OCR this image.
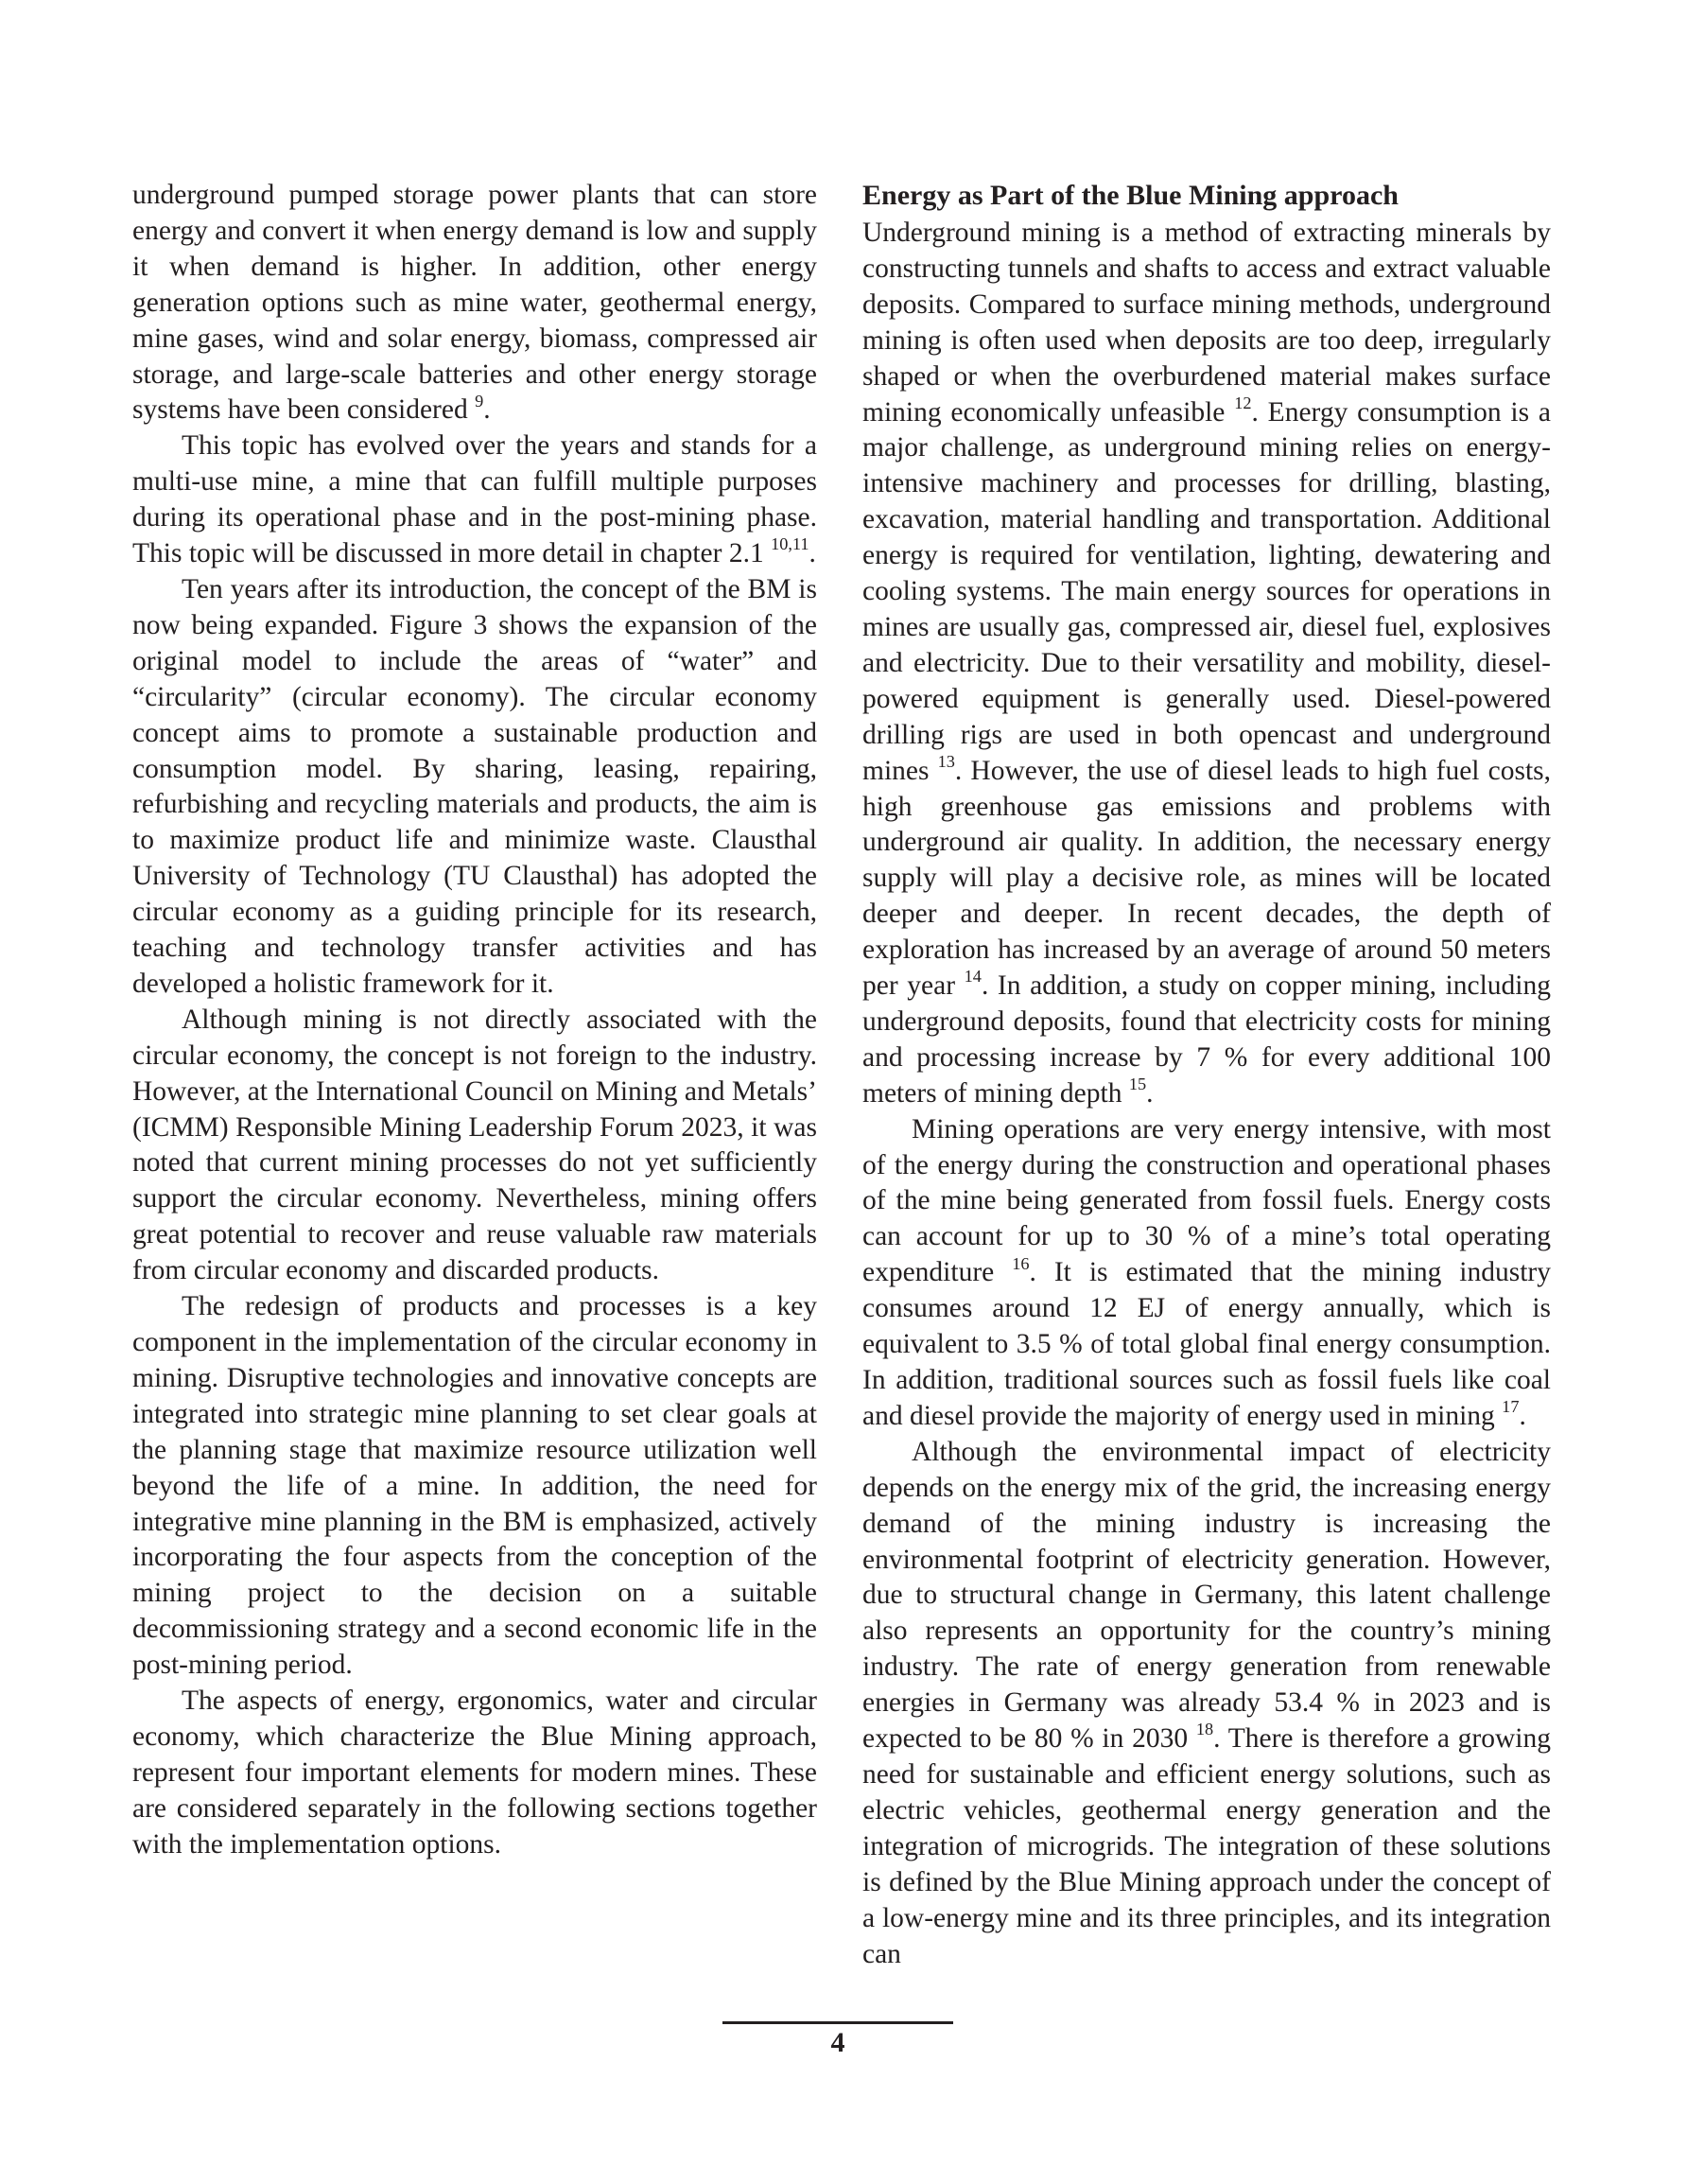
underground pumped storage power plants that can store energy and convert it when energy demand is low and supply it when demand is higher. In addition, other energy generation options such as mine water, geothermal energy, mine gases, wind and solar energy, biomass, compressed air storage, and large-scale batteries and other energy storage systems have been considered $^9$.

This topic has evolved over the years and stands for a multi-use mine, a mine that can fulfill multiple purposes during its operational phase and in the post-mining phase. This topic will be discussed in more detail in chapter 2.1 $^{10,11}$.

Ten years after its introduction, the concept of the BM is now being expanded. Figure 3 shows the expansion of the original model to include the areas of “water” and “circularity” (circular economy). The circular economy concept aims to promote a sustainable production and consumption model. By sharing, leasing, repairing, refurbishing and recycling materials and products, the aim is to maximize product life and minimize waste. Clausthal University of Technology (TU Clausthal) has adopted the circular economy as a guiding principle for its research, teaching and technology transfer activities and has developed a holistic framework for it.

Although mining is not directly associated with the circular economy, the concept is not foreign to the industry. However, at the International Council on Mining and Metals’ (ICMM) Responsible Mining Leadership Forum 2023, it was noted that current mining processes do not yet sufficiently support the circular economy. Nevertheless, mining offers great potential to recover and reuse valuable raw materials from circular economy and discarded products.

The redesign of products and processes is a key component in the implementation of the circular economy in mining. Disruptive technologies and innovative concepts are integrated into strategic mine planning to set clear goals at the planning stage that maximize resource utilization well beyond the life of a mine. In addition, the need for integrative mine planning in the BM is emphasized, actively incorporating the four aspects from the conception of the mining project to the decision on a suitable decommissioning strategy and a second economic life in the post-mining period.

The aspects of energy, ergonomics, water and circular economy, which characterize the Blue Mining approach, represent four important elements for modern mines. These are considered separately in the following sections together with the implementation options.

Energy as Part of the Blue Mining approach

Underground mining is a method of extracting minerals by constructing tunnels and shafts to access and extract valuable deposits. Compared to surface mining methods, underground mining is often used when deposits are too deep, irregularly shaped or when the overburdened material makes surface mining economically unfeasible $^{12}$. Energy consumption is a major challenge, as underground mining relies on energy-intensive machinery and processes for drilling, blasting, excavation, material handling and transportation. Additional energy is required for ventilation, lighting, dewatering and cooling systems. The main energy sources for operations in mines are usually gas, compressed air, diesel fuel, explosives and electricity. Due to their versatility and mobility, diesel-powered equipment is generally used. Diesel-powered drilling rigs are used in both opencast and underground mines $^{13}$. However, the use of diesel leads to high fuel costs, high greenhouse gas emissions and problems with underground air quality. In addition, the necessary energy supply will play a decisive role, as mines will be located deeper and deeper. In recent decades, the depth of exploration has increased by an average of around 50 meters per year $^{14}$. In addition, a study on copper mining, including underground deposits, found that electricity costs for mining and processing increase by 7 % for every additional 100 meters of mining depth $^{15}$.

Mining operations are very energy intensive, with most of the energy during the construction and operational phases of the mine being generated from fossil fuels. Energy costs can account for up to 30 % of a mine’s total operating expenditure $^{16}$. It is estimated that the mining industry consumes around 12 EJ of energy annually, which is equivalent to 3.5 % of total global final energy consumption. In addition, traditional sources such as fossil fuels like coal and diesel provide the majority of energy used in mining $^{17}$.

Although the environmental impact of electricity depends on the energy mix of the grid, the increasing energy demand of the mining industry is increasing the environmental footprint of electricity generation. However, due to structural change in Germany, this latent challenge also represents an opportunity for the country’s mining industry. The rate of energy generation from renewable energies in Germany was already 53.4 % in 2023 and is expected to be 80 % in 2030 $^{18}$. There is therefore a growing need for sustainable and efficient energy solutions, such as electric vehicles, geothermal energy generation and the integration of microgrids. The integration of these solutions is defined by the Blue Mining approach under the concept of a low-energy mine and its three principles, and its integration can

4
